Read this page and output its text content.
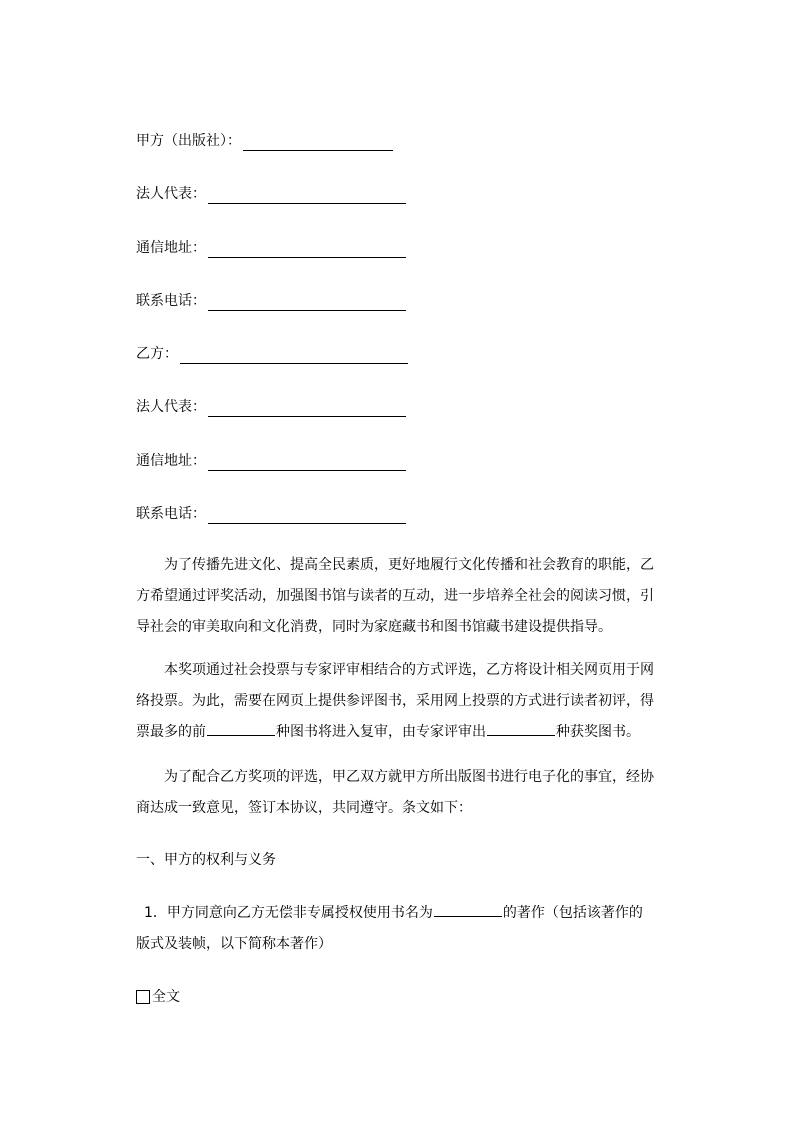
甲方（出版社）：
法人代表：
通信地址：
联系电话：
乙方：
法人代表：
通信地址：
联系电话：
为了传播先进文化、提高全民素质，更好地履行文化传播和社会教育的职能，乙
方希望通过评奖活动，加强图书馆与读者的互动，进一步培养全社会的阅读习惯，引
导社会的审美取向和文化消费，同时为家庭藏书和图书馆藏书建设提供指导。
本奖项通过社会投票与专家评审相结合的方式评选，乙方将设计相关网页用于网
络投票。为此，需要在网页上提供参评图书，采用网上投票的方式进行读者初评，得
票最多的前	种图书将进入复审，由专家评审出	种获奖图书。
为了配合乙方奖项的评选，甲乙双方就甲方所出版图书进行电子化的事宜，经协
商达成一致意见，签订本协议，共同遵守。条文如下：
一、甲方的权利与义务
1．甲方同意向乙方无偿非专属授权使用书名为	的著作（包括该著作的
版式及装帧，以下简称本著作）
全文
